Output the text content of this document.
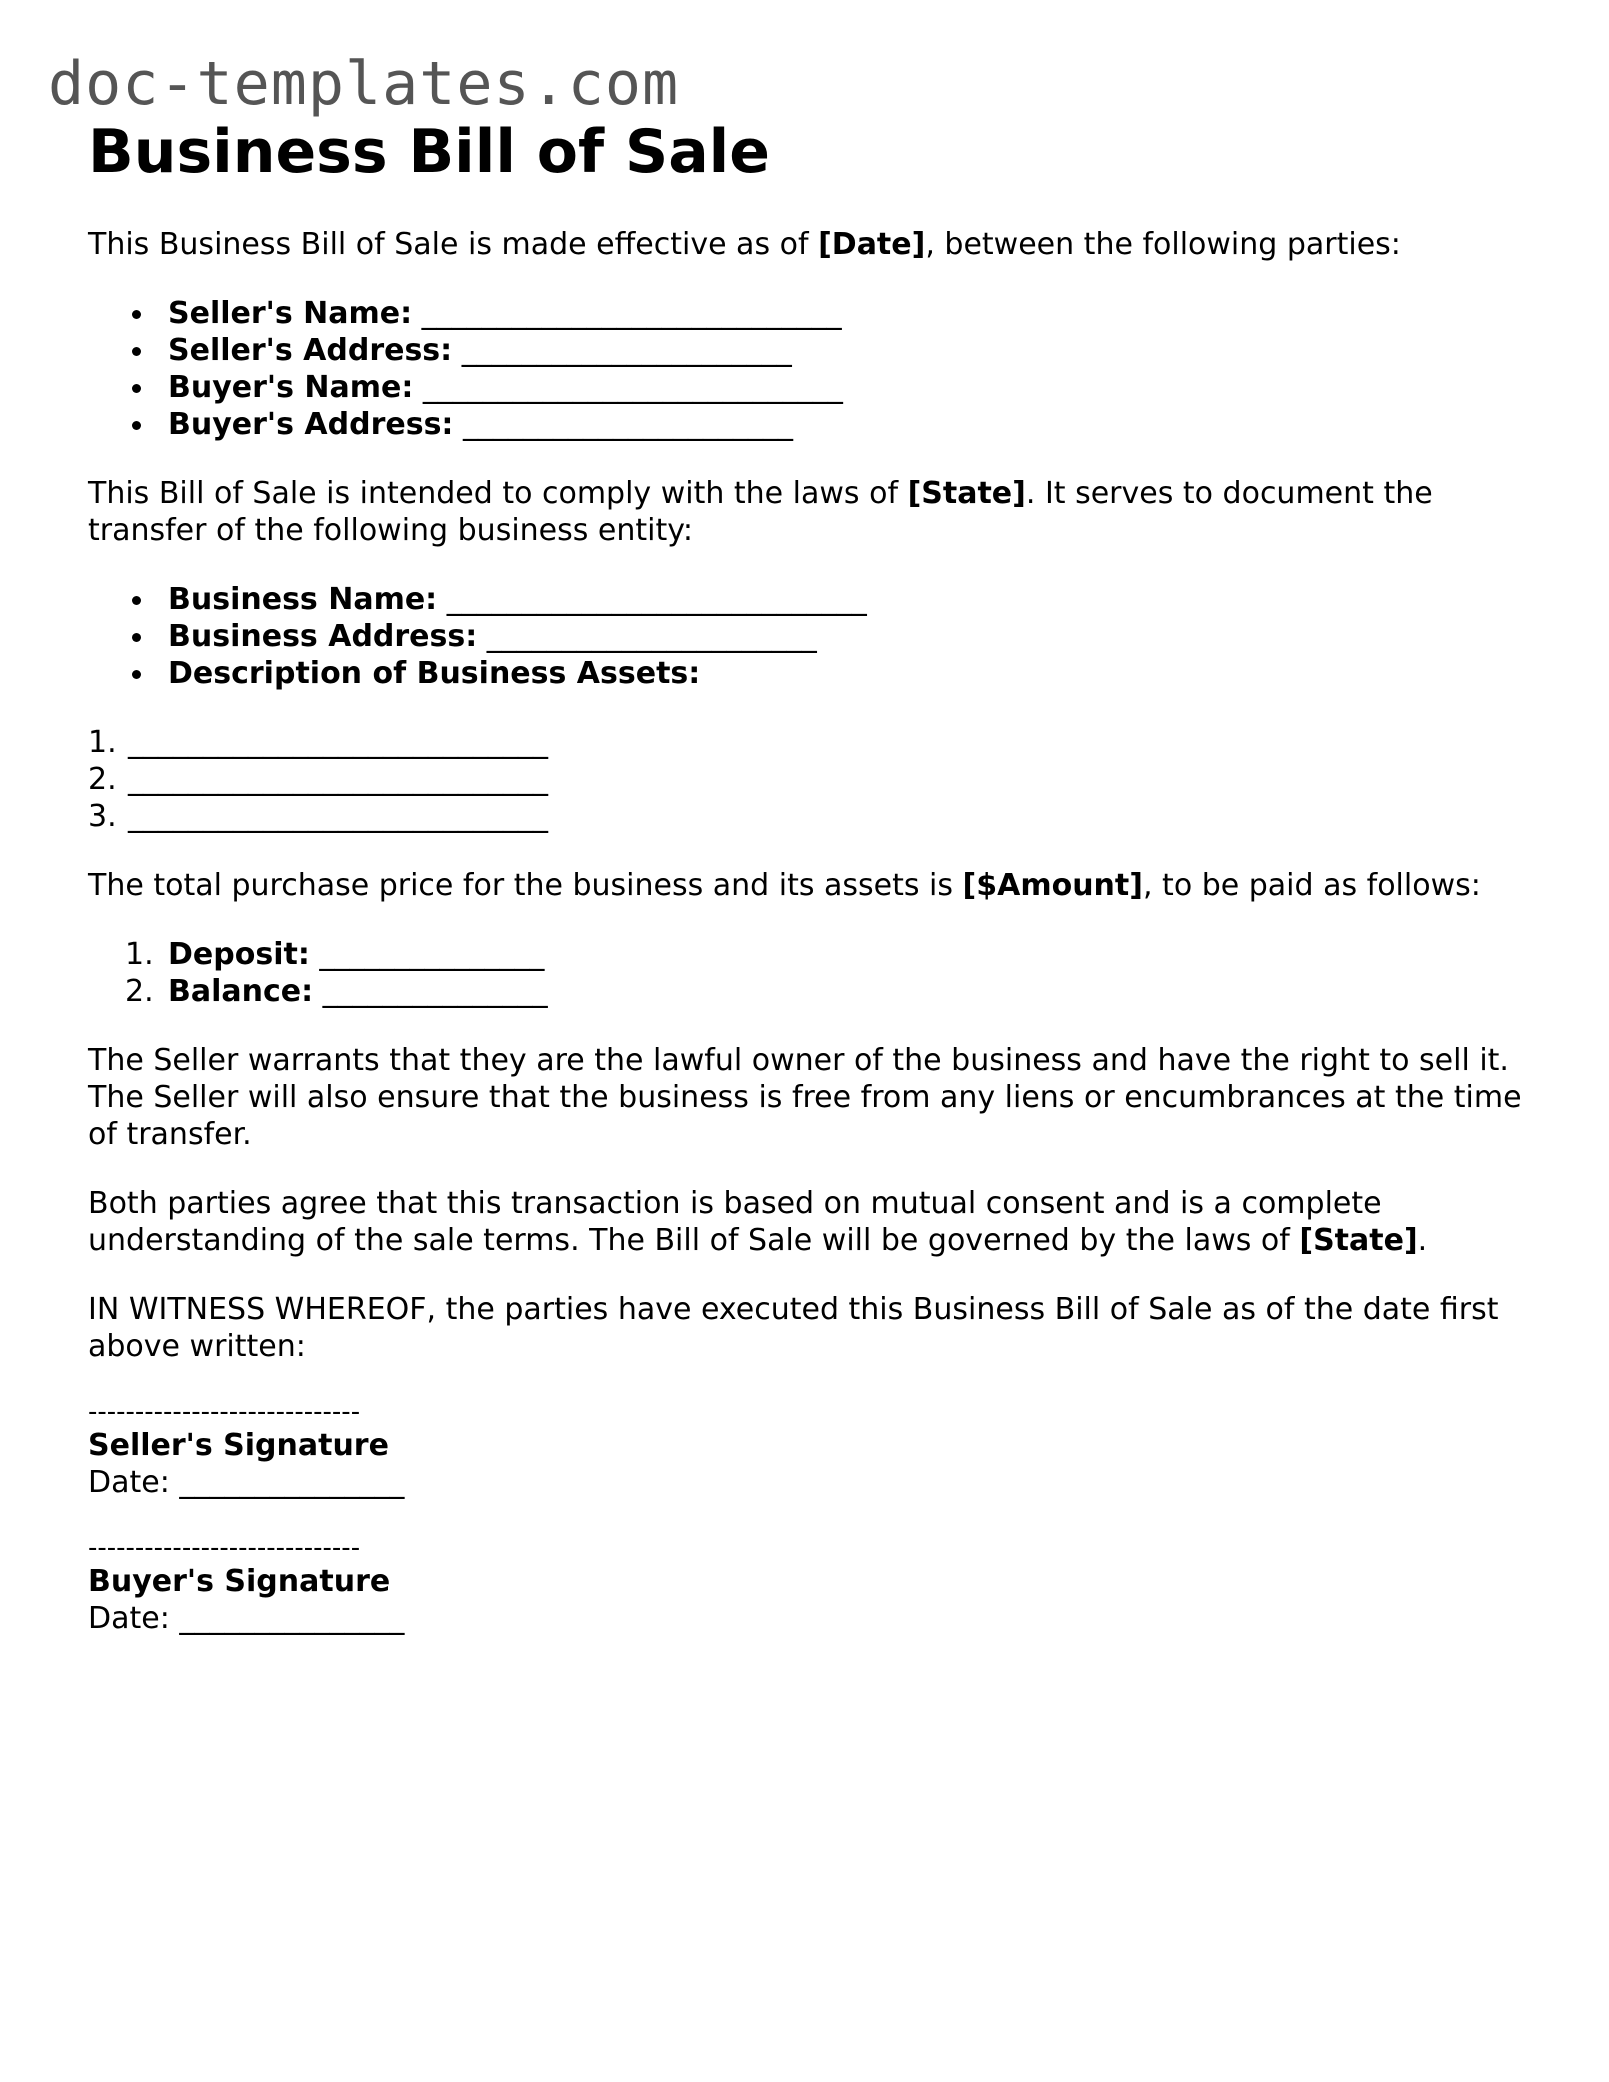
doc-templates.com
Business Bill of Sale

This Business Bill of Sale is made effective as of [Date], between the following parties:

Seller's Name: ____________________________
Seller's Address: ______________________
Buyer's Name: ____________________________
Buyer's Address: ______________________

This Bill of Sale is intended to comply with the laws of [State]. It serves to document the transfer of the following business entity:

Business Name: ____________________________
Business Address: ______________________
Description of Business Assets:
1. ____________________________
2. ____________________________
3. ____________________________

The total purchase price for the business and its assets is [$Amount], to be paid as follows:

1. Deposit: _______________
2. Balance: _______________

The Seller warrants that they are the lawful owner of the business and have the right to sell it. The Seller will also ensure that the business is free from any liens or encumbrances at the time of transfer.

Both parties agree that this transaction is based on mutual consent and is a complete understanding of the sale terms. The Bill of Sale will be governed by the laws of [State].

IN WITNESS WHEREOF, the parties have executed this Business Bill of Sale as of the date first above written:

-----------------------------
Seller's Signature
Date: _______________
-----------------------------
Buyer's Signature
Date: _______________
